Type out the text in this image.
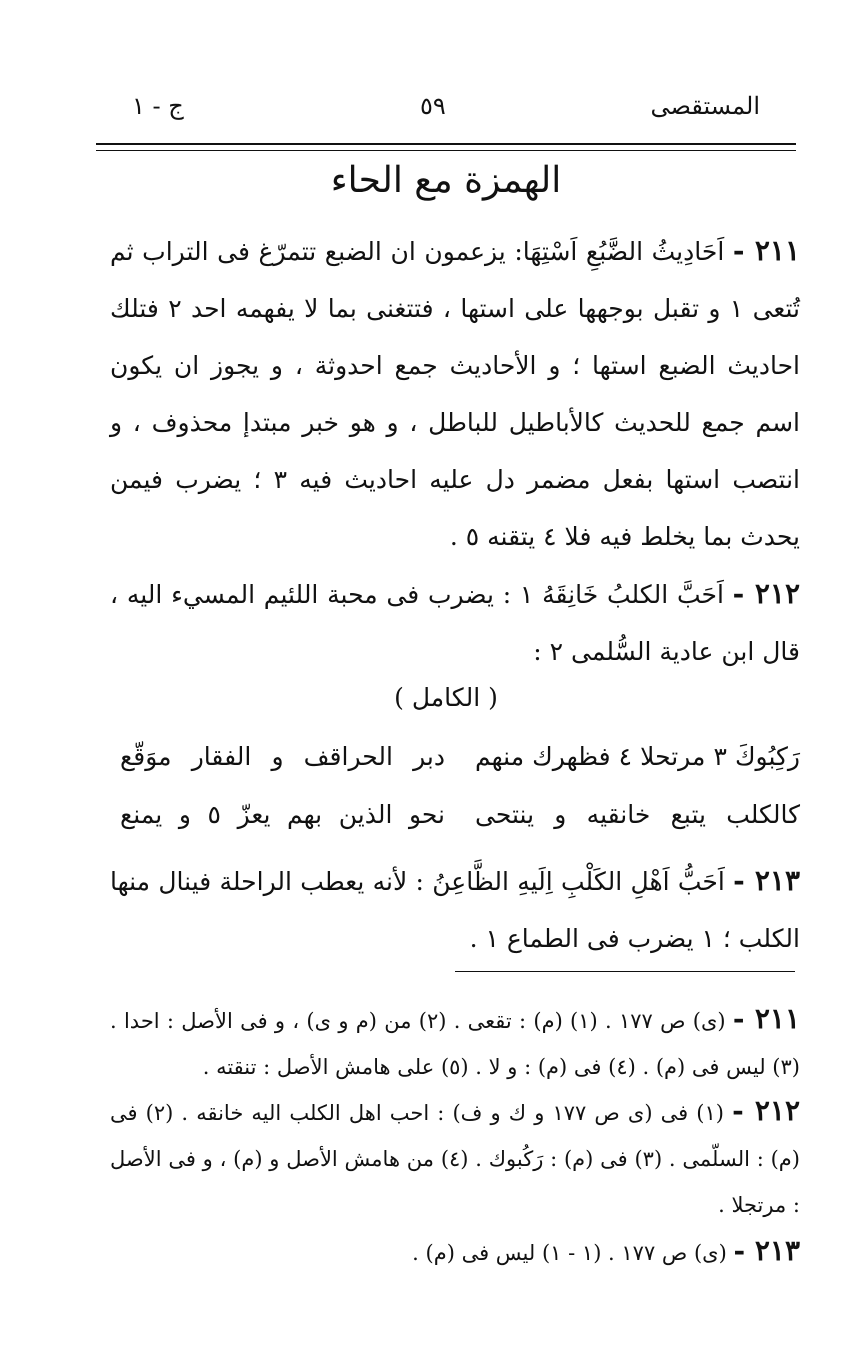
المستقصى
٥٩
ج - ١
الهمزة مع الحاء
٢١١ - اَحَادِيثُ الضَّبُعِ اَسْتِهَا: يزعمون ان الضبع تتمرّغ فى التراب ثم تُتعى ١ و تقبل بوجهها على استها ، فتتغنى بما لا يفهمه احد ٢ فتلك احاديث الضبع استها ؛ و الأحاديث جمع احدوثة ، و يجوز ان يكون اسم جمع للحديث كالأباطيل للباطل ، و هو خبر مبتدإ محذوف ، و انتصب استها بفعل مضمر دل عليه احاديث فيه ٣ ؛ يضرب فيمن يحدث بما يخلط فيه فلا ٤ يتقنه ٥ .
٢١٢ - اَحَبَّ الكلبُ خَانِقَهُ ١ : يضرب فى محبة اللئيم المسيء اليه ، قال ابن عادية السُّلمى ٢ :
( الكامل )
رَكِبُوكَ ٣ مرتحلا ٤ فظهرك منهم
دبر الحراقف و الفقار موَقّع
كالكلب يتبع خانقيه و ينتحى
نحو الذين بهم يعزّ ٥ و يمنع
٢١٣ - اَحَبُّ اَهْلِ الكَلْبِ اِلَيهِ الظَّاعِنُ : لأنه يعطب الراحلة فينال منها الكلب ؛ ١ يضرب فى الطماع ١ .
٢١١ - (ى) ص ١٧٧ . (١) (م) : تقعى . (٢) من (م و ى) ، و فى الأصل : احدا . (٣) ليس فى (م) . (٤) فى (م) : و لا . (٥) على هامش الأصل : تنقته .
٢١٢ - (١) فى (ى ص ١٧٧ و ك و ف) : احب اهل الكلب اليه خانقه . (٢) فى (م) : السلّمى . (٣) فى (م) : رَكُبوك . (٤) من هامش الأصل و (م) ، و فى الأصل : مرتجلا .
٢١٣ - (ى) ص ١٧٧ . (١ - ١) ليس فى (م) .
